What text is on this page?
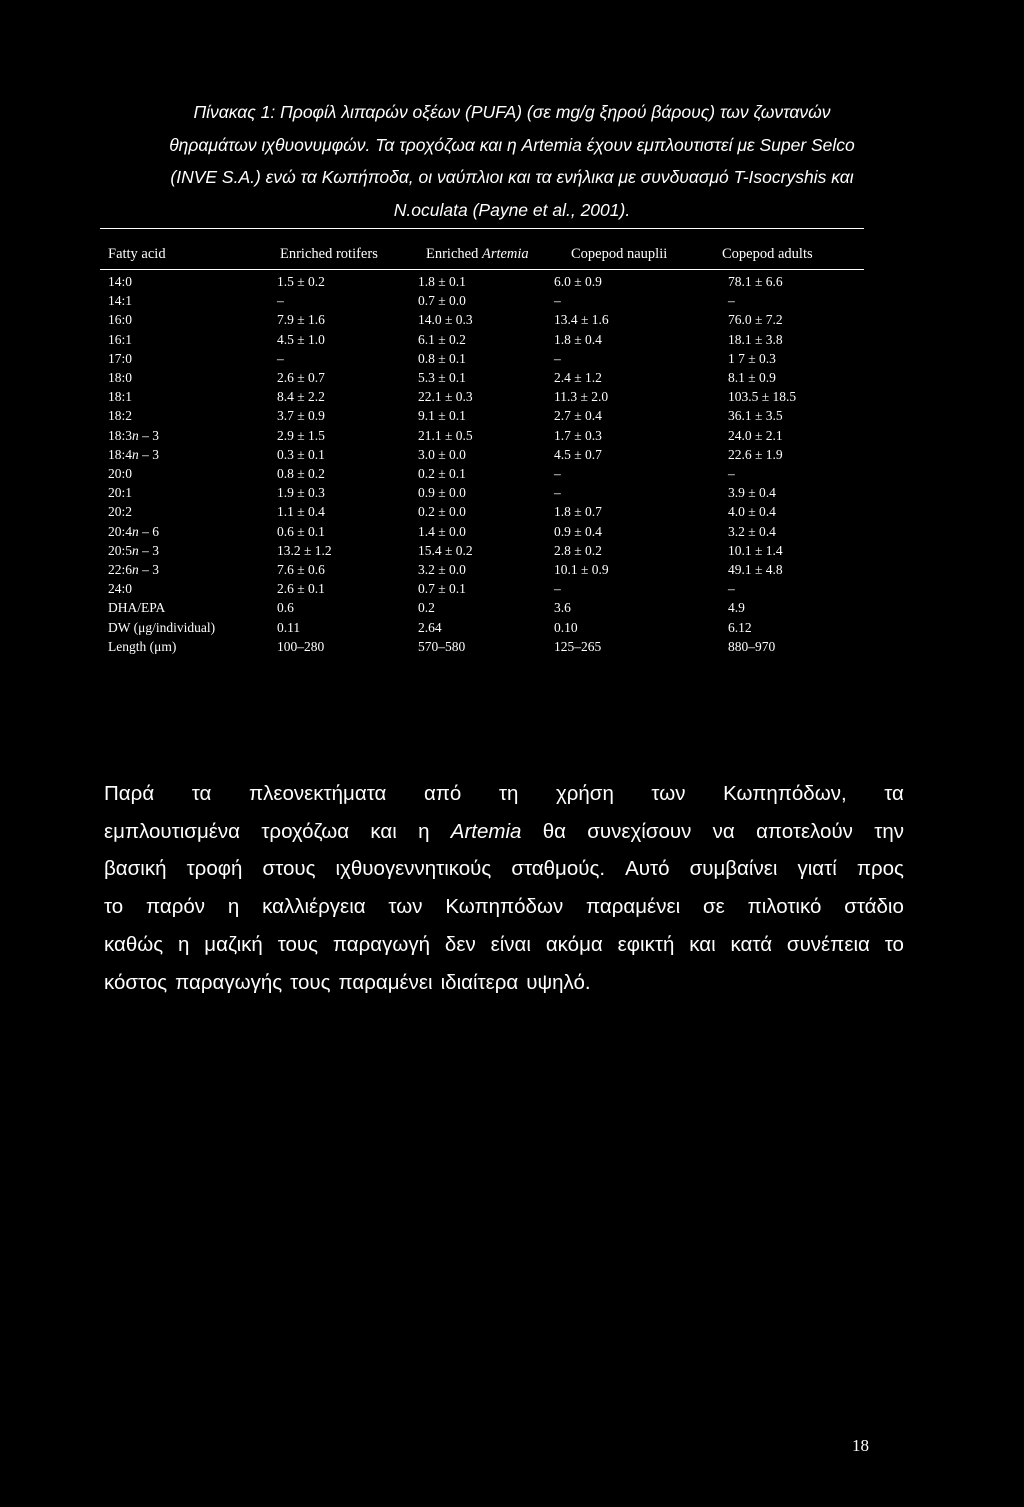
Πίνακας 1: Προφίλ λιπαρών οξέων (PUFA) (σε mg/g ξηρού βάρους) των ζωντανών
θηραμάτων ιχθυονυμφών. Τα τροχόζωα και η Artemia έχουν εμπλουτιστεί με Super Selco
(INVE S.A.) ενώ τα Κωπήποδα, οι ναύπλιοι και τα ενήλικα με συνδυασμό T-Isocryshis και
N.oculata (Payne et al., 2001).
Fatty acid	Enriched rotifers	Enriched Artemia	Copepod nauplii	Copepod adults
14:0	1.5 ± 0.2	1.8 ± 0.1	6.0 ± 0.9	78.1 ± 6.6
14:1	–	0.7 ± 0.0	–	–
16:0	7.9 ± 1.6	14.0 ± 0.3	13.4 ± 1.6	76.0 ± 7.2
16:1	4.5 ± 1.0	6.1 ± 0.2	1.8 ± 0.4	18.1 ± 3.8
17:0	–	0.8 ± 0.1	–	1 7 ± 0.3
18:0	2.6 ± 0.7	5.3 ± 0.1	2.4 ± 1.2	8.1 ± 0.9
18:1	8.4 ± 2.2	22.1 ± 0.3	11.3 ± 2.0	103.5 ± 18.5
18:2	3.7 ± 0.9	9.1 ± 0.1	2.7 ± 0.4	36.1 ± 3.5
18:3n – 3	2.9 ± 1.5	21.1 ± 0.5	1.7 ± 0.3	24.0 ± 2.1
18:4n – 3	0.3 ± 0.1	3.0 ± 0.0	4.5 ± 0.7	22.6 ± 1.9
20:0	0.8 ± 0.2	0.2 ± 0.1	–	–
20:1	1.9 ± 0.3	0.9 ± 0.0	–	3.9 ± 0.4
20:2	1.1 ± 0.4	0.2 ± 0.0	1.8 ± 0.7	4.0 ± 0.4
20:4n – 6	0.6 ± 0.1	1.4 ± 0.0	0.9 ± 0.4	3.2 ± 0.4
20:5n – 3	13.2 ± 1.2	15.4 ± 0.2	2.8 ± 0.2	10.1 ± 1.4
22:6n – 3	7.6 ± 0.6	3.2 ± 0.0	10.1 ± 0.9	49.1 ± 4.8
24:0	2.6 ± 0.1	0.7 ± 0.1	–	–
DHA/EPA	0.6	0.2	3.6	4.9
DW (μg/individual)	0.11	2.64	0.10	6.12
Length (μm)	100–280	570–580	125–265	880–970
Παρά τα πλεονεκτήματα από τη χρήση των Κωπηπόδων, τα
εμπλουτισμένα τροχόζωα και η Artemia θα συνεχίσουν να αποτελούν την
βασική τροφή στους ιχθυογεννητικούς σταθμούς. Αυτό συμβαίνει γιατί προς
το παρόν η καλλιέργεια των Κωπηπόδων παραμένει σε πιλοτικό στάδιο
καθώς η μαζική τους παραγωγή δεν είναι ακόμα εφικτή και κατά συνέπεια το
κόστος παραγωγής τους παραμένει ιδιαίτερα υψηλό.
18
